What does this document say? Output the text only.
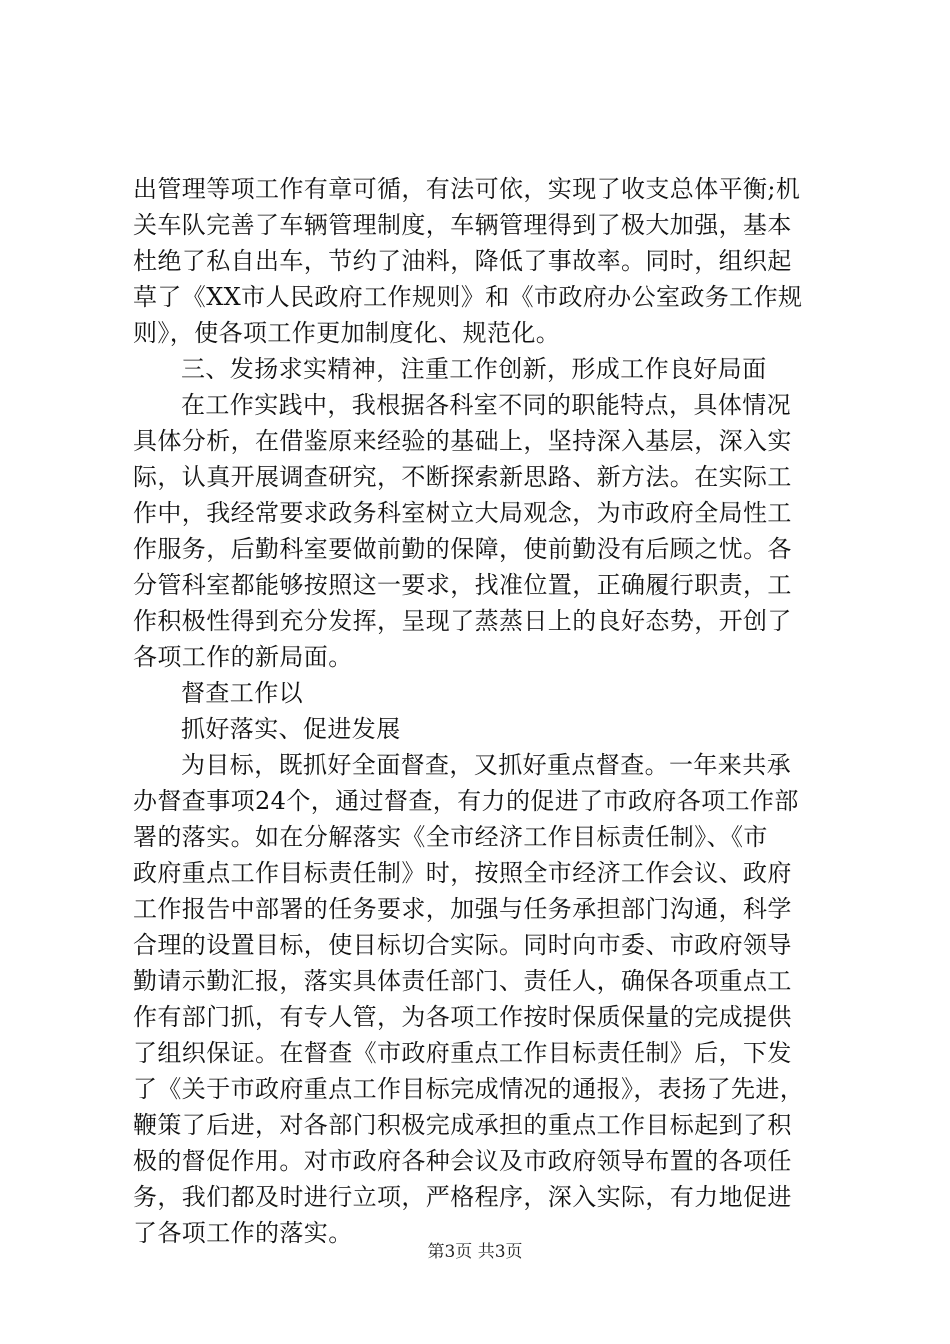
出管理等项工作有章可循，有法可依，实现了收支总体平衡;机
关车队完善了车辆管理制度，车辆管理得到了极大加强，基本
杜绝了私自出车，节约了油料，降低了事故率。同时，组织起
草了《XX市人民政府工作规则》和《市政府办公室政务工作规
则》，使各项工作更加制度化、规范化。
三、发扬求实精神，注重工作创新，形成工作良好局面
在工作实践中，我根据各科室不同的职能特点，具体情况
具体分析，在借鉴原来经验的基础上，坚持深入基层，深入实
际，认真开展调查研究，不断探索新思路、新方法。在实际工
作中，我经常要求政务科室树立大局观念，为市政府全局性工
作服务，后勤科室要做前勤的保障，使前勤没有后顾之忧。各
分管科室都能够按照这一要求，找准位置，正确履行职责，工
作积极性得到充分发挥，呈现了蒸蒸日上的良好态势，开创了
各项工作的新局面。
督查工作以
抓好落实、促进发展
为目标，既抓好全面督查，又抓好重点督查。一年来共承
办督查事项24个，通过督查，有力的促进了市政府各项工作部
署的落实。如在分解落实《全市经济工作目标责任制》、《市
政府重点工作目标责任制》时，按照全市经济工作会议、政府
工作报告中部署的任务要求，加强与任务承担部门沟通，科学
合理的设置目标，使目标切合实际。同时向市委、市政府领导
勤请示勤汇报，落实具体责任部门、责任人，确保各项重点工
作有部门抓，有专人管，为各项工作按时保质保量的完成提供
了组织保证。在督查《市政府重点工作目标责任制》后，下发
了《关于市政府重点工作目标完成情况的通报》，表扬了先进，
鞭策了后进，对各部门积极完成承担的重点工作目标起到了积
极的督促作用。对市政府各种会议及市政府领导布置的各项任
务，我们都及时进行立项，严格程序，深入实际，有力地促进
了各项工作的落实。
第3页 共3页
